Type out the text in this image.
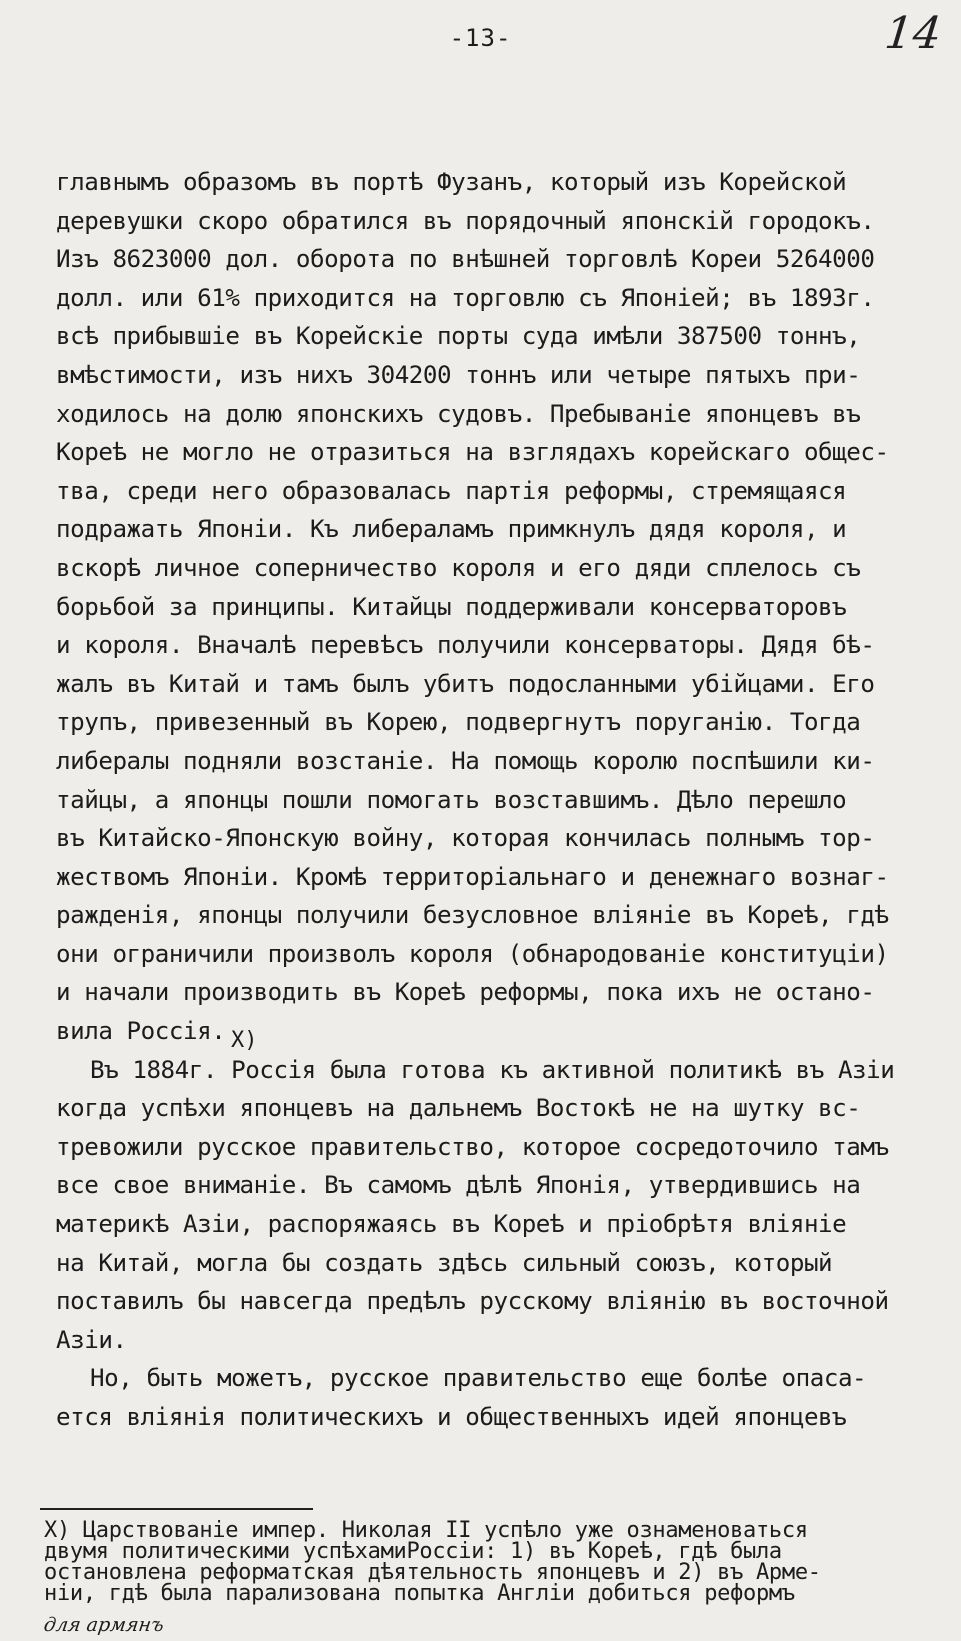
-13-	14
главнымъ образомъ въ портѣ Фузанъ, который изъ Корейской
деревушки скоро обратился въ порядочный японскiй городокъ.
Изъ 8623000 дол. оборота по внѣшней торговлѣ Кореи 5264000
долл. или 61% приходится на торговлю съ Японiей; въ 1893г.
всѣ прибывшiе въ Корейскiе порты суда имѣли 387500 тоннъ,
вмѣстимости, изъ нихъ 304200 тоннъ или четыре пятыхъ при-
ходилось на долю японскихъ судовъ. Пребыванiе японцевъ въ
Кореѣ не могло не отразиться на взглядахъ корейскаго общес-
тва, среди него образовалась партiя реформы, стремящаяся
подражать Японiи. Къ либераламъ примкнулъ дядя короля, и
вскорѣ личное соперничество короля и его дяди сплелось съ
борьбой за принципы. Китайцы поддерживали консерваторовъ
и короля. Вначалѣ перевѣсъ получили консерваторы. Дядя бѣ-
жалъ въ Китай и тамъ былъ убитъ подосланными убiйцами. Его
трупъ, привезенный въ Корею, подвергнутъ поруганiю. Тогда
либералы подняли возстанiе. На помощь королю поспѣшили ки-
тайцы, а японцы пошли помогать возставшимъ. Дѣло перешло
въ Китайско-Японскую войну, которая кончилась полнымъ тор-
жествомъ Японiи. Кромѣ территорiальнаго и денежнаго вознаг-
ражденiя, японцы получили безусловное влiянiе въ Кореѣ, гдѣ
они ограничили произволъ короля (обнародованiе конституцiи)
и начали производить въ Кореѣ реформы, пока ихъ не остано-
вила Россiя.
Въ 1884г. Россiя была готова къ активной политикѣ въ Азiи
когда успѣхи японцевъ на дальнемъ Востокѣ не на шутку вс-
тревожили русское правительство, которое сосредоточило тамъ
все свое вниманiе. Въ самомъ дѣлѣ Японiя, утвердившись на
материкѣ Азiи, распоряжаясь въ Кореѣ и прiобрѣтя влiянiе
на Китай, могла бы создать здѣсь сильный союзъ, который
поставилъ бы навсегда предѣлъ русскому влiянiю въ восточной
Азiи.
Но, быть можетъ, русское правительство еще болѣе опаса-
ется влiянiя политическихъ и общественныхъ идей японцевъ
X)
X) Царствованiе импер. Николая II успѣло уже ознаменоваться
двумя политическими успѣхамиРоссiи: 1) въ Кореѣ, гдѣ была
остановлена реформатская дѣятельность японцевъ и 2) въ Арме-
нiи, гдѣ была парализована попытка Англiи добиться реформъ
для армянъ
